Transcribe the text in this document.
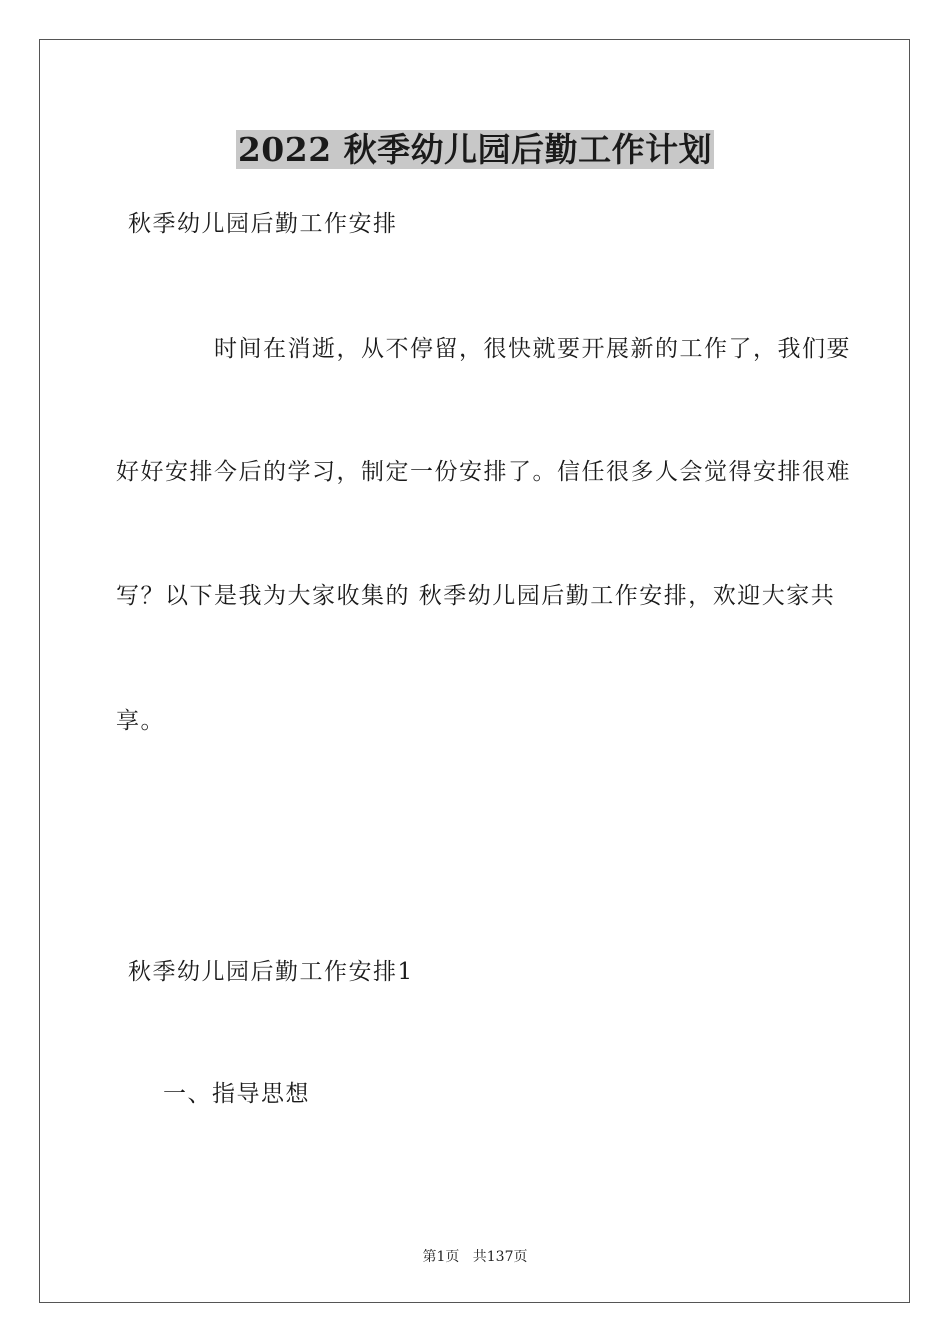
2022 秋季幼儿园后勤工作计划
秋季幼儿园后勤工作安排
时间在消逝，从不停留，很快就要开展新的工作了，我们要
好好安排今后的学习，制定一份安排了。信任很多人会觉得安排很难
写？以下是我为大家收集的 秋季幼儿园后勤工作安排，欢迎大家共
享。
秋季幼儿园后勤工作安排1
一、指导思想
第1页   共137页
